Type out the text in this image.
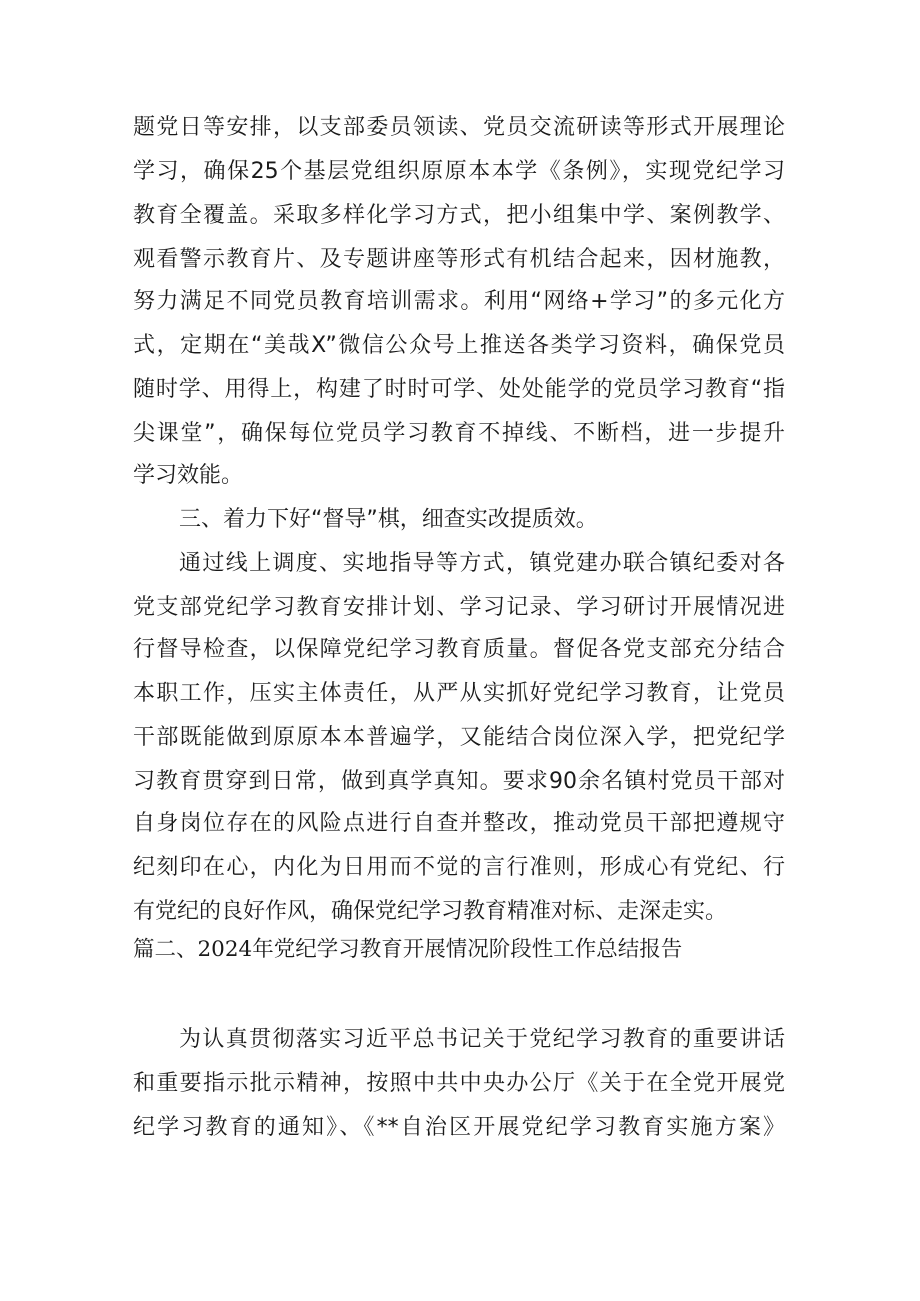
题党日等安排，以支部委员领读、党员交流研读等形式开展理论
学习，确保25个基层党组织原原本本学《条例》，实现党纪学习
教育全覆盖。采取多样化学习方式，把小组集中学、案例教学、
观看警示教育片、及专题讲座等形式有机结合起来，因材施教，
努力满足不同党员教育培训需求。利用“网络+学习”的多元化方
式，定期在“美哉X”微信公众号上推送各类学习资料，确保党员
随时学、用得上，构建了时时可学、处处能学的党员学习教育“指
尖课堂”，确保每位党员学习教育不掉线、不断档，进一步提升
学习效能。
三、着力下好“督导”棋，细查实改提质效。
通过线上调度、实地指导等方式，镇党建办联合镇纪委对各
党支部党纪学习教育安排计划、学习记录、学习研讨开展情况进
行督导检查，以保障党纪学习教育质量。督促各党支部充分结合
本职工作，压实主体责任，从严从实抓好党纪学习教育，让党员
干部既能做到原原本本普遍学，又能结合岗位深入学，把党纪学
习教育贯穿到日常，做到真学真知。要求90余名镇村党员干部对
自身岗位存在的风险点进行自查并整改，推动党员干部把遵规守
纪刻印在心，内化为日用而不觉的言行准则，形成心有党纪、行
有党纪的良好作风，确保党纪学习教育精准对标、走深走实。
篇二、2024年党纪学习教育开展情况阶段性工作总结报告
为认真贯彻落实习近平总书记关于党纪学习教育的重要讲话
和重要指示批示精神，按照中共中央办公厅《关于在全党开展党
纪学习教育的通知》、《**自治区开展党纪学习教育实施方案》
